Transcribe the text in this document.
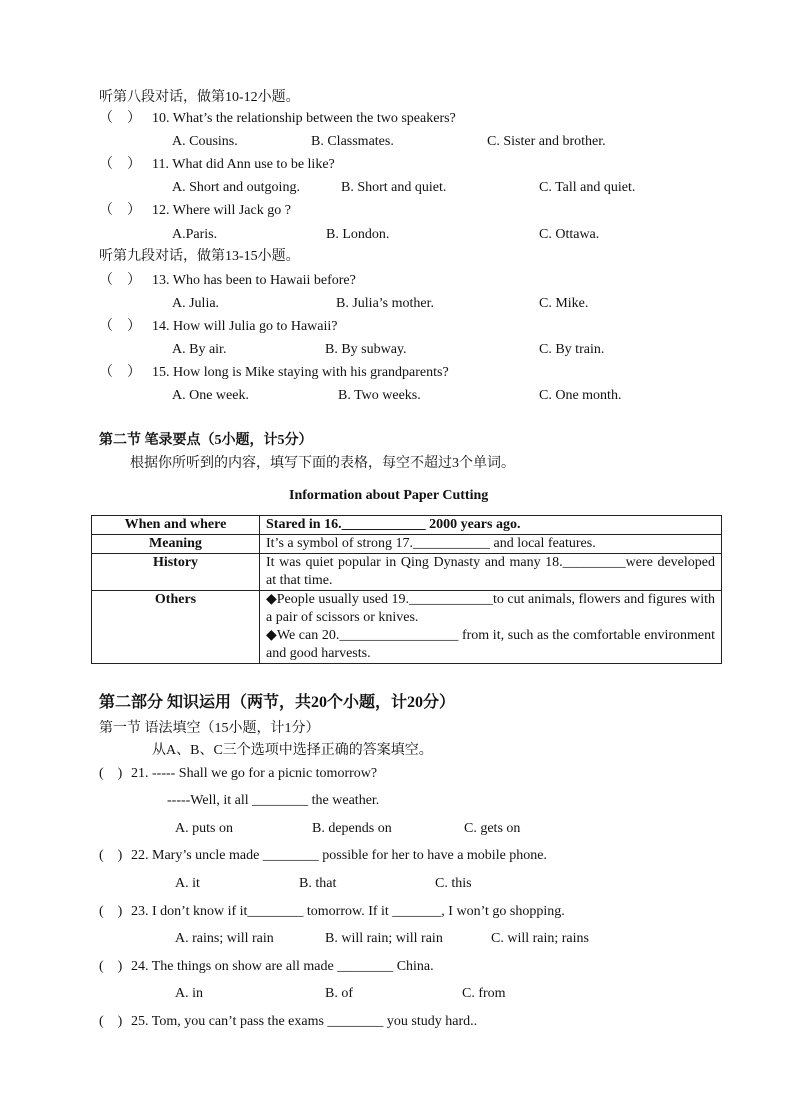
听第八段对话，做第10-12小题。
（　） 10. What’s the relationship between the two speakers?
A. Cousins.	B. Classmates.	C. Sister and brother.
（　） 11. What did Ann use to be like?
A. Short and outgoing.	B. Short and quiet.	C. Tall and quiet.
（　） 12. Where will Jack go ?
A.Paris.	B. London.	C. Ottawa.
听第九段对话，做第13-15小题。
（　） 13. Who has been to Hawaii before?
A. Julia.	B. Julia’s mother.	C. Mike.
（　） 14. How will Julia go to Hawaii?
A. By air.	B. By subway.	C. By train.
（　） 15. How long is Mike staying with his grandparents?
A. One week.	B. Two weeks.	C. One month.
第二节 笔录要点（5小题，计5分）
根据你所听到的内容，填写下面的表格，每空不超过3个单词。
Information about Paper Cutting
When and where	Stared in 16.____________ 2000 years ago.
Meaning	It’s a symbol of strong 17.___________ and local features.
History	It was quiet popular in Qing Dynasty and many 18._________were developed at that time.
Others	◆People usually used 19.____________to cut animals, flowers and figures with a pair of scissors or knives.
◆We can 20._________________ from it, such as the comfortable environment and good harvests.
第二部分 知识运用（两节，共20个小题，计20分）
第一节 语法填空（15小题，计1分）
从A、B、C三个选项中选择正确的答案填空。
(　) 21. ----- Shall we go for a picnic tomorrow?
-----Well, it all ________ the weather.
A. puts on	B. depends on	C. gets on
(　) 22. Mary’s uncle made ________ possible for her to have a mobile phone.
A. it	B. that	C. this
(　) 23. I don’t know if it________ tomorrow. If it _______, I won’t go shopping.
A. rains; will rain	B. will rain; will rain	C. will rain; rains
(　) 24. The things on show are all made ________ China.
A. in	B. of	C. from
(　) 25. Tom, you can’t pass the exams ________ you study hard..
